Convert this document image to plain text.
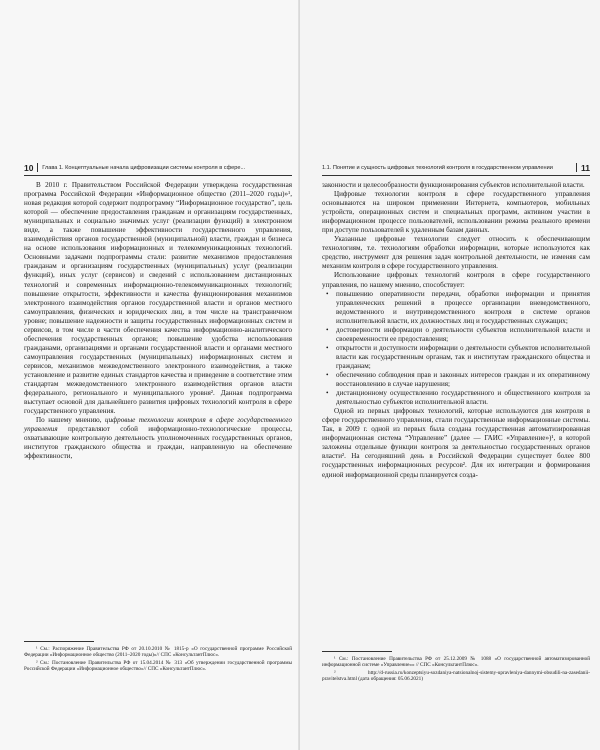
10 Глава 1. Концептуальные начала цифровизации системы контроля в сфере...

В 2010 г. Правительством Российской Федерации утверждена государственная программа Российской Федерации «Информационное общество (2011–2020 годы)»¹, новая редакция которой содержит подпрограмму “Информационное государство”, цель которой — обеспечение предоставления гражданам и организациям государственных, муниципальных и социально значимых услуг (реализации функций) в электронном виде, а также повышение эффективности государственного управления, взаимодействия органов государственной (муниципальной) власти, граждан и бизнеса на основе использования информационных и телекоммуникационных технологий. Основными задачами подпрограммы стали: развитие механизмов предоставления гражданам и организациям государственных (муниципальных) услуг (реализации функций), иных услуг (сервисов) и сведений с использованием дистанционных технологий и современных информационно-телекоммуникационных технологий; повышение открытости, эффективности и качества функционирования механизмов электронного взаимодействия органов государственной власти и органов местного самоуправления, физических и юридических лиц, в том числе на трансграничном уровне; повышение надежности и защиты государственных информационных систем и сервисов, в том числе в части обеспечения качества информационно-аналитического обеспечения государственных органов; повышение удобства использования гражданами, организациями и органами государственной власти и органами местного самоуправления государственных (муниципальных) информационных систем и сервисов, механизмов межведомственного электронного взаимодействия, а также установление и развитие единых стандартов качества и приведение в соответствие этим стандартам межведомственного электронного взаимодействия органов власти федерального, регионального и муниципального уровня². Данная подпрограмма выступает основой для дальнейшего развития цифровых технологий контроля в сфере государственного управления.

По нашему мнению, цифровые технологии контроля в сфере государственного управления представляют собой информационно-технологические процессы, охватывающие контрольную деятельность уполномоченных государственных органов, институтов гражданского общества и граждан, направленную на обеспечение эффективности,

¹ См.: Распоряжение Правительства РФ от 20.10.2010 № 1815-р «О государственной программе Российской Федерации «Информационное общество (2011–2020 годы)»// СПС «КонсультантПлюс».

² См.: Постановление Правительства РФ от 15.04.2014 № 313 «Об утверждении государственной программы Российской Федерации «Информационное общество»// СПС «КонсультантПлюс».

1.1. Понятие и сущность цифровых технологий контроля в государственном управлении	11

законности и целесообразности функционирования субъектов исполнительной власти.

Цифровые технологии контроля в сфере государственного управления основываются на широком применении Интернета, компьютеров, мобильных устройств, операционных систем и специальных программ, активном участии в информационном процессе пользователей, использовании режима реального времени при доступе пользователей к удаленным базам данных.

Указанные цифровые технологии следует относить к обеспечивающим технологиям, т.е. технологиям обработки информации, которые используются как средство, инструмент для решения задач контрольной деятельности, не изменяя сам механизм контроля в сфере государственного управления.

Использование цифровых технологий контроля в сфере государственного управления, по нашему мнению, способствует:

• повышению оперативности передачи, обработки информации и принятия управленческих решений в процессе организации вневедомственного, ведомственного и внутриведомственного контроля в системе органов исполнительной власти, их должностных лиц и государственных служащих;
• достоверности информации о деятельности субъектов исполнительной власти и своевременности ее предоставления;
• открытости и доступности информации о деятельности субъектов исполнительной власти как государственным органам, так и институтам гражданского общества и гражданам;
• обеспечению соблюдения прав и законных интересов граждан и их оперативному восстановлению в случае нарушения;
• дистанционному осуществлению государственного и общественного контроля за деятельностью субъектов исполнительной власти.

Одной из первых цифровых технологий, которые используются для контроля в сфере государственного управления, стали государственные информационные системы. Так, в 2009 г. одной из первых была создана государственная автоматизированная информационная система “Управление” (далее — ГАИС «Управление»)¹, в которой заложены отдельные функции контроля за деятельностью государственных органов власти². На сегодняшний день в Российской Федерации существует более 800 государственных информационных ресурсов². Для их интеграции и формирования единой информационной среды планируется созда-

¹ См.: Постановление Правительства РФ от 25.12.2009 № 1088 «О государственной автоматизированной информационной системе «Управление»» // СПС «КонсультантПлюс».

² http://d-russia.ru/konzeptsiyu-sozdaniya-natsionalnoj-sistemy-upravleniya-dannymi-obsudili-na-zasedanii-pravitelstva.html (дата обращения: 05.06.2021)
